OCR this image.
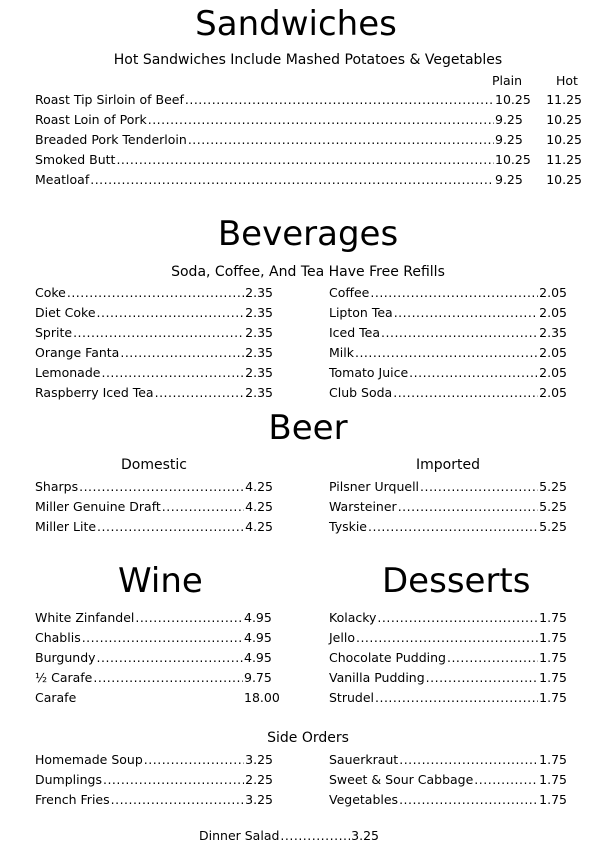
Sandwiches
Hot Sandwiches Include Mashed Potatoes & Vegetables
Plain	Hot
Roast Tip Sirloin of Beef .....	10.25	11.25
Roast Loin of Pork .....	9.25	10.25
Breaded Pork Tenderloin .....	9.25	10.25
Smoked Butt .....	10.25	11.25
Meatloaf .....	9.25	10.25
Beverages
Soda, Coffee, And Tea Have Free Refills
Coke .....	2.35
Diet Coke .....	2.35
Sprite .....	2.35
Orange Fanta .....	2.35
Lemonade .....	2.35
Raspberry Iced Tea .....	2.35
Coffee .....	2.05
Lipton Tea .....	2.05
Iced Tea .....	2.35
Milk .....	2.05
Tomato Juice .....	2.05
Club Soda .....	2.05
Beer
Domestic	Imported
Sharps .....	4.25
Miller Genuine Draft .....	4.25
Miller Lite .....	4.25
Pilsner Urquell .....	5.25
Warsteiner .....	5.25
Tyskie .....	5.25
Wine	Desserts
White Zinfandel .....	4.95
Chablis .....	4.95
Burgundy .....	4.95
½ Carafe .....	9.75
Carafe	18.00
Kolacky .....	1.75
Jello .....	1.75
Chocolate Pudding .....	1.75
Vanilla Pudding .....	1.75
Strudel .....	1.75
Side Orders
Homemade Soup .....	3.25
Dumplings .....	2.25
French Fries .....	3.25
Sauerkraut .....	1.75
Sweet & Sour Cabbage .....	1.75
Vegetables .....	1.75
Dinner Salad .....	3.25
